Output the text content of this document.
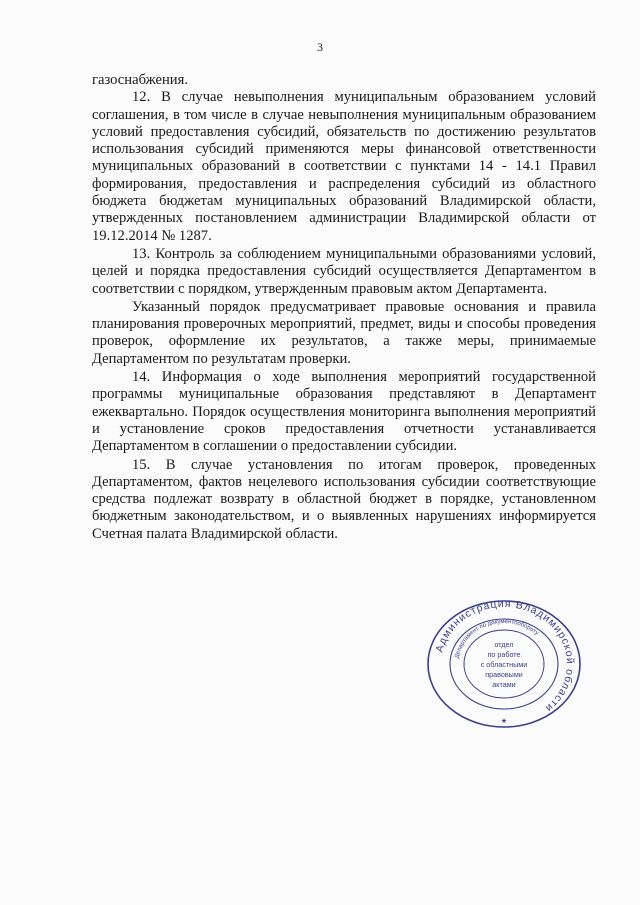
3

газоснабжения.

12. В случае невыполнения муниципальным образованием условий соглашения, в том числе в случае невыполнения муниципальным образованием условий предоставления субсидий, обязательств по достижению результатов использования субсидий применяются меры финансовой ответственности муниципальных образований в соответствии с пунктами 14 - 14.1 Правил формирования, предоставления и распределения субсидий из областного бюджета бюджетам муниципальных образований Владимирской области, утвержденных постановлением администрации Владимирской области от 19.12.2014 № 1287.

13. Контроль за соблюдением муниципальными образованиями условий, целей и порядка предоставления субсидий осуществляется Департаментом в соответствии с порядком, утвержденным правовым актом Департамента.

Указанный порядок предусматривает правовые основания и правила планирования проверочных мероприятий, предмет, виды и способы проведения проверок, оформление их результатов, а также меры, принимаемые Департаментом по результатам проверки.

14. Информация о ходе выполнения мероприятий государственной программы муниципальные образования представляют в Департамент ежеквартально. Порядок осуществления мониторинга выполнения мероприятий и установление сроков предоставления отчетности устанавливается Департаментом в соглашении о предоставлении субсидии.

15. В случае установления по итогам проверок, проведенных Департаментом, фактов нецелевого использования субсидии соответствующие средства подлежат возврату в областной бюджет в порядке, установленном бюджетным законодательством, и о выявленных нарушениях информируется Счетная палата Владимирской области.

Администрация Владимирской области
Департамент по документообороту
отдел
по работе
с областными
правовыми
актами
★
